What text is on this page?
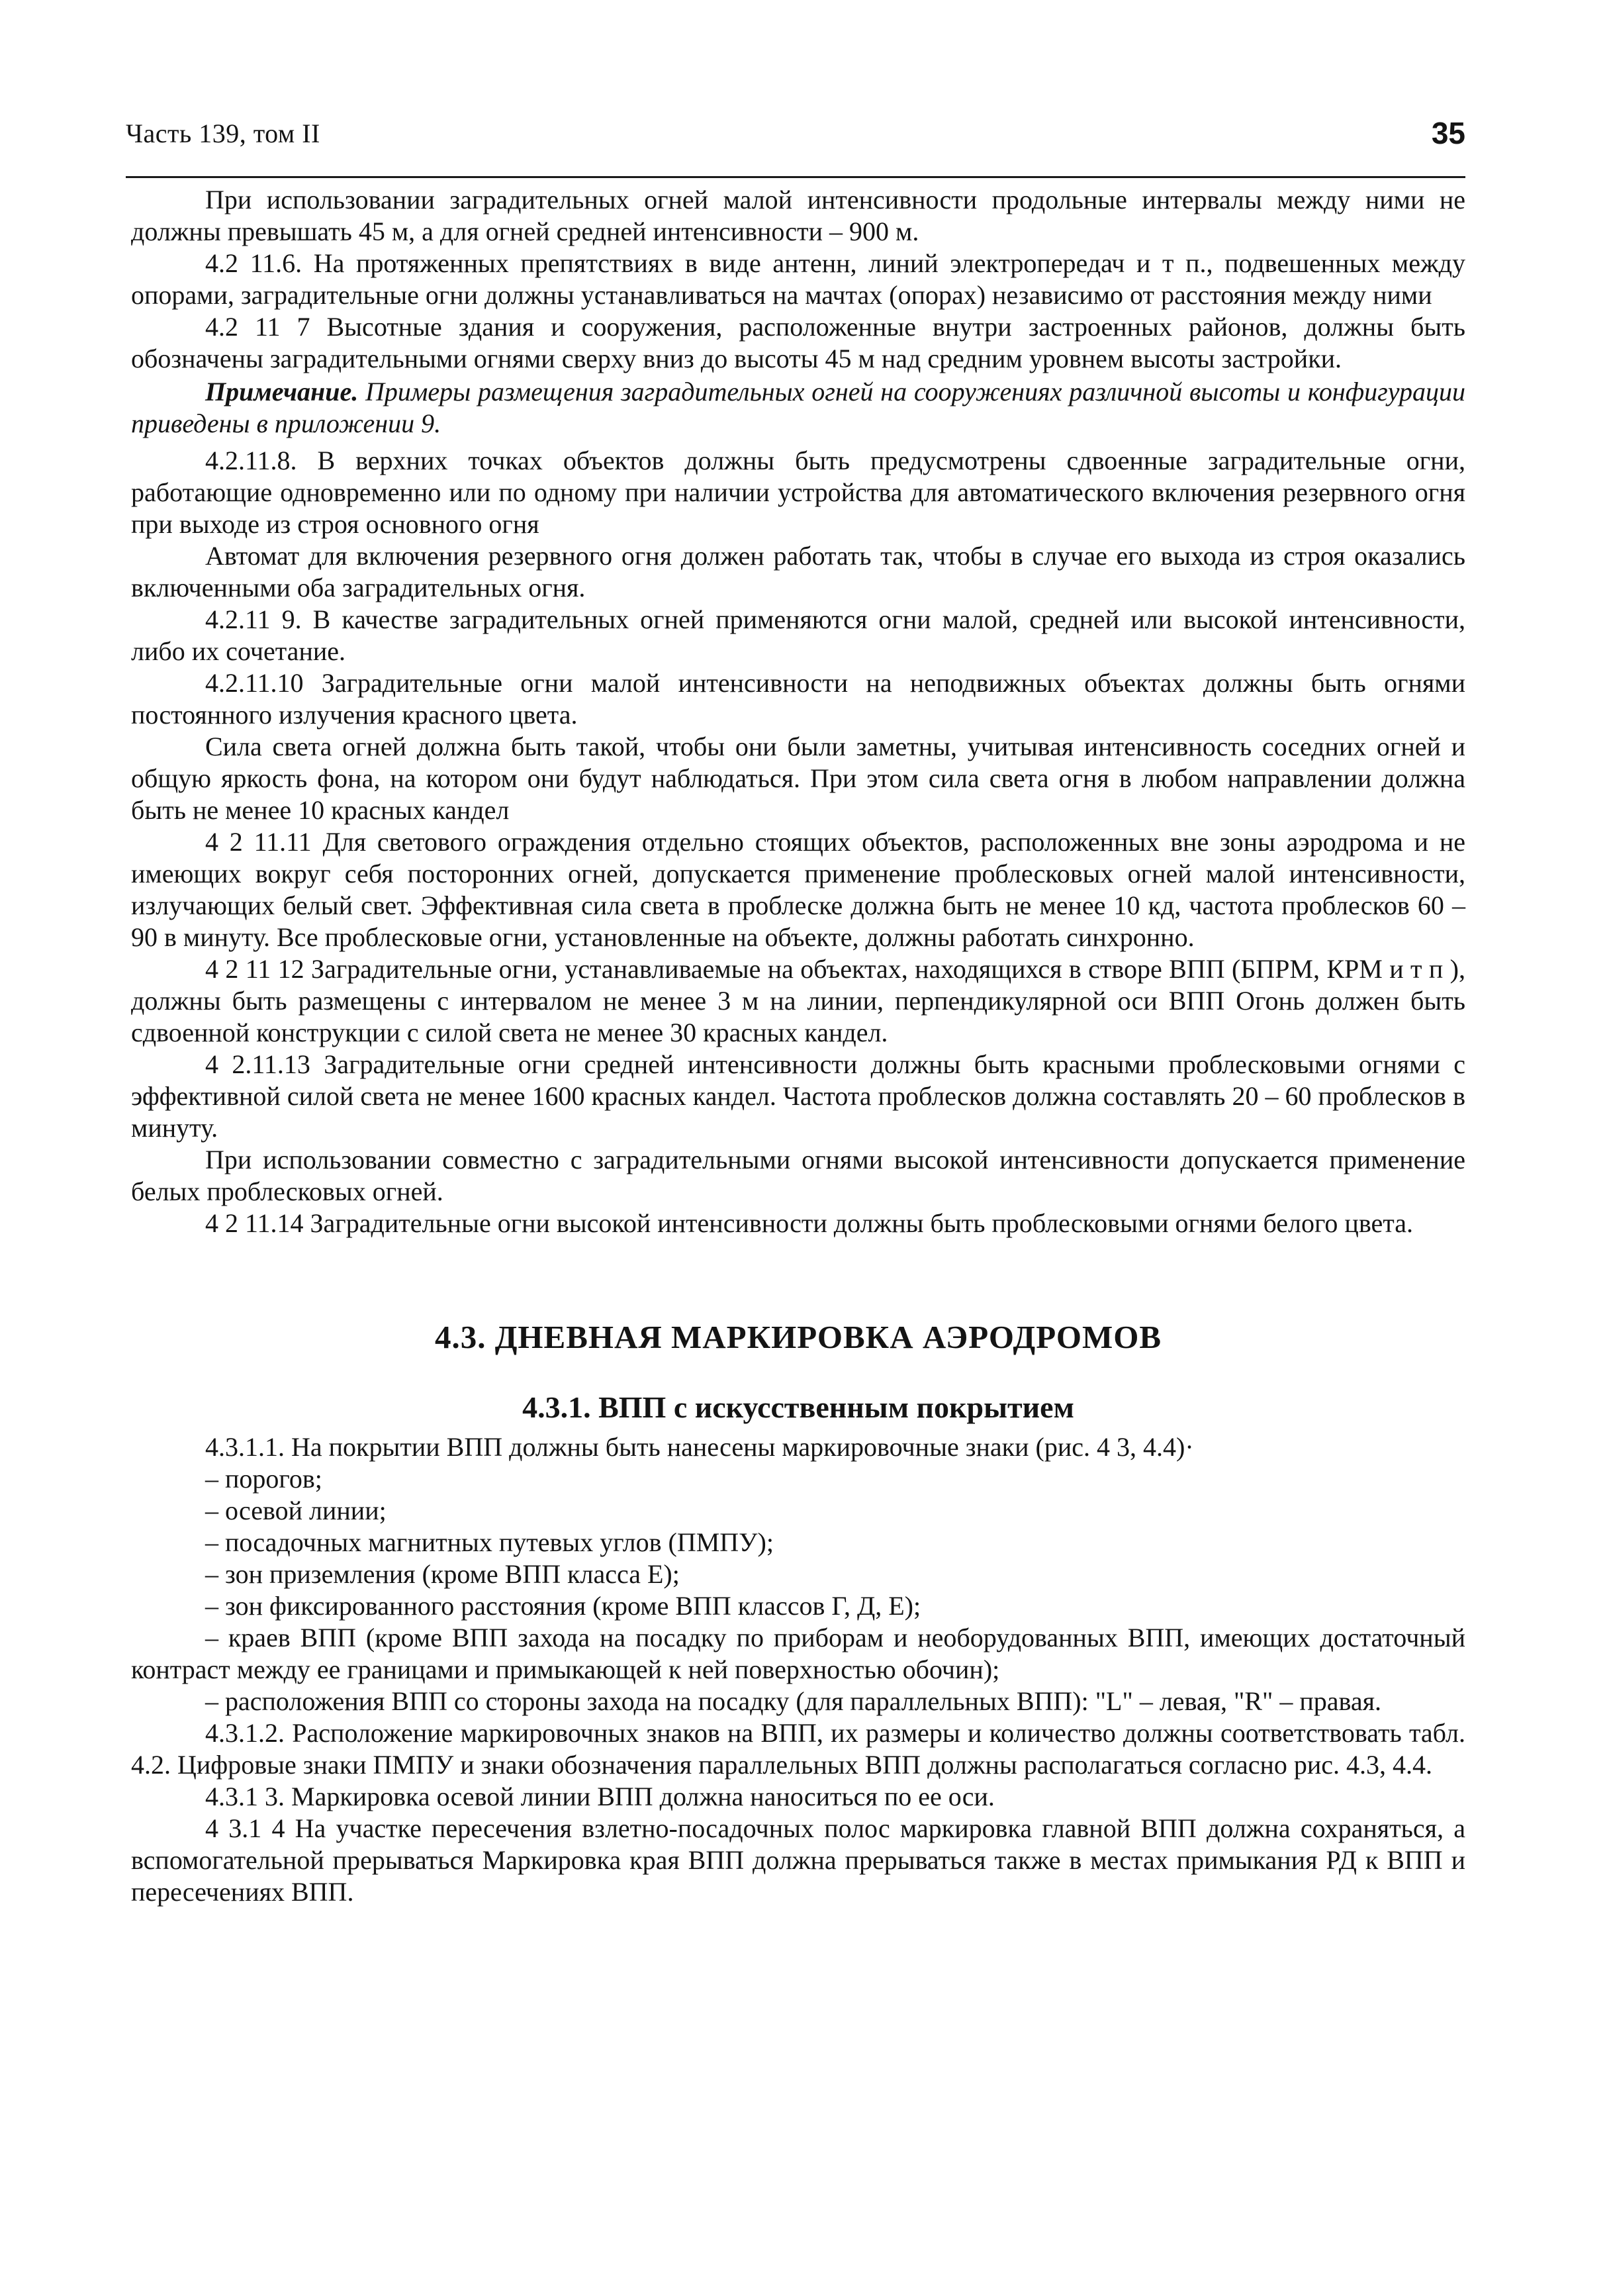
Часть 139, том II	35

При использовании заградительных огней малой интенсивности продольные интервалы между ними не должны превышать 45 м, а для огней средней интенсивности – 900 м.

4.2 11.6. На протяженных препятствиях в виде антенн, линий электропередач и т п., подвешенных между опорами, заградительные огни должны устанавливаться на мачтах (опорах) независимо от расстояния между ними

4.2 11 7 Высотные здания и сооружения, расположенные внутри застроенных районов, должны быть обозначены заградительными огнями сверху вниз до высоты 45 м над средним уровнем высоты застройки.

Примечание. Примеры размещения заградительных огней на сооружениях различной высоты и конфигурации приведены в приложении 9.

4.2.11.8. В верхних точках объектов должны быть предусмотрены сдвоенные заградительные огни, работающие одновременно или по одному при наличии устройства для автоматического включения резервного огня при выходе из строя основного огня

Автомат для включения резервного огня должен работать так, чтобы в случае его выхода из строя оказались включенными оба заградительных огня.

4.2.11 9. В качестве заградительных огней применяются огни малой, средней или высокой интенсивности, либо их сочетание.

4.2.11.10 Заградительные огни малой интенсивности на неподвижных объектах должны быть огнями постоянного излучения красного цвета.

Сила света огней должна быть такой, чтобы они были заметны, учитывая интенсивность соседних огней и общую яркость фона, на котором они будут наблюдаться. При этом сила света огня в любом направлении должна быть не менее 10 красных кандел

4 2 11.11 Для светового ограждения отдельно стоящих объектов, расположенных вне зоны аэродрома и не имеющих вокруг себя посторонних огней, допускается применение проблесковых огней малой интенсивности, излучающих белый свет. Эффективная сила света в проблеске должна быть не менее 10 кд, частота проблесков 60 – 90 в минуту. Все проблесковые огни, установленные на объекте, должны работать синхронно.

4 2 11 12 Заградительные огни, устанавливаемые на объектах, находящихся в створе ВПП (БПРМ, КРМ и т п ), должны быть размещены с интервалом не менее 3 м на линии, перпендикулярной оси ВПП Огонь должен быть сдвоенной конструкции с силой света не менее 30 красных кандел.

4 2.11.13 Заградительные огни средней интенсивности должны быть красными проблесковыми огнями с эффективной силой света не менее 1600 красных кандел. Частота проблесков должна составлять 20 – 60 проблесков в минуту.

При использовании совместно с заградительными огнями высокой интенсивности допускается применение белых проблесковых огней.

4 2 11.14 Заградительные огни высокой интенсивности должны быть проблесковыми огнями белого цвета.

4.3. ДНЕВНАЯ МАРКИРОВКА АЭРОДРОМОВ
4.3.1. ВПП с искусственным покрытием

4.3.1.1. На покрытии ВПП должны быть нанесены маркировочные знаки (рис. 4 3, 4.4)·

– порогов;

– осевой линии;

– посадочных магнитных путевых углов (ПМПУ);

– зон приземления (кроме ВПП класса Е);

– зон фиксированного расстояния (кроме ВПП классов Г, Д, Е);

– краев ВПП (кроме ВПП захода на посадку по приборам и необорудованных ВПП, имеющих достаточный контраст между ее границами и примыкающей к ней поверхностью обочин);

– расположения ВПП со стороны захода на посадку (для параллельных ВПП): "L" – левая, "R" – правая.

4.3.1.2. Расположение маркировочных знаков на ВПП, их размеры и количество должны соответствовать табл. 4.2. Цифровые знаки ПМПУ и знаки обозначения параллельных ВПП должны располагаться согласно рис. 4.3, 4.4.

4.3.1 3. Маркировка осевой линии ВПП должна наноситься по ее оси.

4 3.1 4 На участке пересечения взлетно-посадочных полос маркировка главной ВПП должна сохраняться, а вспомогательной прерываться Маркировка края ВПП должна прерываться также в местах примыкания РД к ВПП и пересечениях ВПП.
